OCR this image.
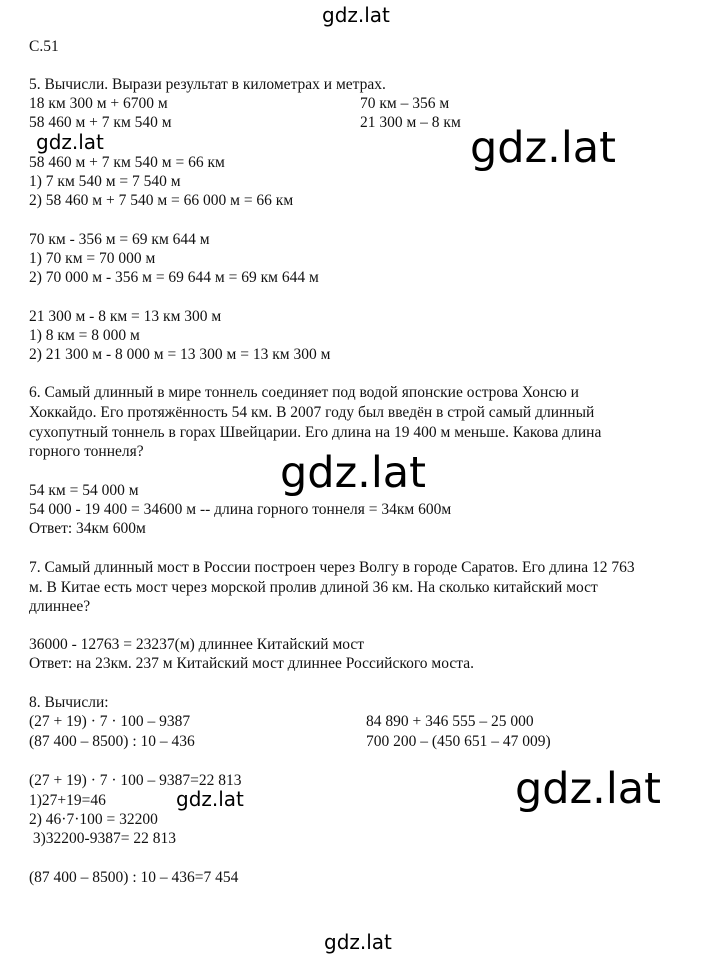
gdz.lat
gdz.lat	gdz.lat
gdz.lat
gdz.lat
gdz.lat
gdz.lat
С.51
5. Вычисли. Вырази результат в километрах и метрах.
18 км 300 м + 6700 м	70 км – 356 м
58 460 м + 7 км 540 м	21 300 м – 8 км
58 460 м + 7 км 540 м = 66 км
1) 7 км 540 м = 7 540 м
2) 58 460 м + 7 540 м = 66 000 м = 66 км
70 км - 356 м = 69 км 644 м
1) 70 км = 70 000 м
2) 70 000 м - 356 м = 69 644 м = 69 км 644 м
21 300 м - 8 км = 13 км 300 м
1) 8 км = 8 000 м
2) 21 300 м - 8 000 м = 13 300 м = 13 км 300 м
6. Самый длинный в мире тоннель соединяет под водой японские острова Хонсю и
Хоккайдо. Его протяжённость 54 км. В 2007 году был введён в строй самый длинный
сухопутный тоннель в горах Швейцарии. Его длина на 19 400 м меньше. Какова длина
горного тоннеля?
54 км = 54 000 м
54 000 - 19 400 = 34600 м -- длина горного тоннеля = 34км 600м
Ответ: 34км 600м
7. Самый длинный мост в России построен через Волгу в городе Саратов. Его длина 12 763
м. В Китае есть мост через морской пролив длиной 36 км. На сколько китайский мост
длиннее?
36000 - 12763 = 23237(м) длиннее Китайский мост
Ответ: на 23км. 237 м Китайский мост длиннее Российского моста.
8. Вычисли:
(27 + 19) · 7 · 100 – 9387	84 890 + 346 555 – 25 000
(87 400 – 8500) : 10 – 436	700 200 – (450 651 – 47 009)
(27 + 19) · 7 · 100 – 9387=22 813
1)27+19=46
2) 46·7·100 = 32200
3)32200-9387= 22 813
(87 400 – 8500) : 10 – 436=7 454
